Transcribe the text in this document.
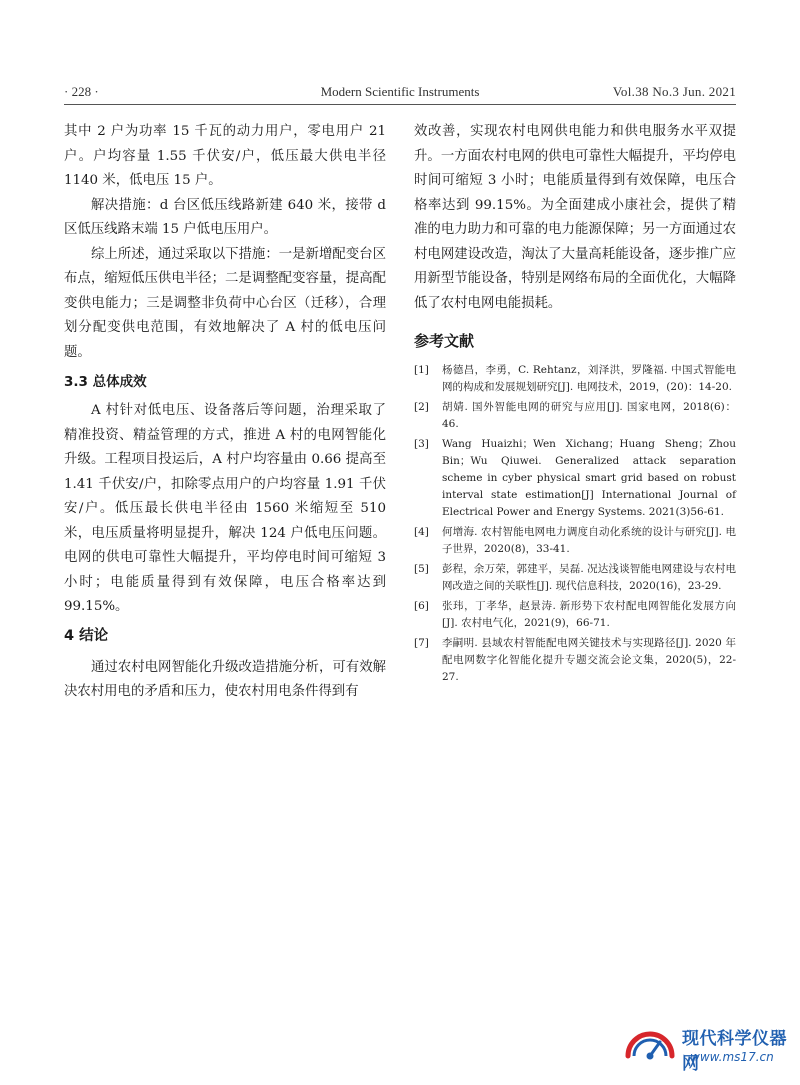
· 228 ·	Modern Scientific Instruments	Vol.38 No.3 Jun. 2021

其中 2 户为功率 15 千瓦的动力用户，零电用户 21 户。户均容量 1.55 千伏安/户，低压最大供电半径 1140 米，低电压 15 户。

解决措施：d 台区低压线路新建 640 米，接带 d 区低压线路末端 15 户低电压用户。

综上所述，通过采取以下措施：一是新增配变台区布点，缩短低压供电半径；二是调整配变容量，提高配变供电能力；三是调整非负荷中心台区（迁移），合理划分配变供电范围，有效地解决了 A 村的低电压问题。

3.3 总体成效

A 村针对低电压、设备落后等问题，治理采取了精准投资、精益管理的方式，推进 A 村的电网智能化升级。工程项目投运后，A 村户均容量由 0.66 提高至 1.41 千伏安/户，扣除零点用户的户均容量 1.91 千伏安/户。低压最长供电半径由 1560 米缩短至 510 米，电压质量将明显提升，解决 124 户低电压问题。电网的供电可靠性大幅提升，平均停电时间可缩短 3 小时；电能质量得到有效保障，电压合格率达到 99.15%。

4 结论

通过农村电网智能化升级改造措施分析，可有效解决农村用电的矛盾和压力，使农村用电条件得到有

效改善，实现农村电网供电能力和供电服务水平双提升。一方面农村电网的供电可靠性大幅提升，平均停电时间可缩短 3 小时；电能质量得到有效保障，电压合格率达到 99.15%。为全面建成小康社会，提供了精准的电力助力和可靠的电力能源保障；另一方面通过农村电网建设改造，淘汰了大量高耗能设备，逐步推广应用新型节能设备，特别是网络布局的全面优化，大幅降低了农村电网电能损耗。

参考文献
[1] 杨德昌，李勇，C. Rehtanz，刘泽洪，罗隆福. 中国式智能电网的构成和发展规划研究[J]. 电网技术，2019，(20)：14-20.
[2] 胡婧. 国外智能电网的研究与应用[J]. 国家电网，2018(6)：46.
[3] Wang Huaizhi；Wen Xichang；Huang Sheng；Zhou Bin；Wu Qiuwei. Generalized attack separation scheme in cyber physical smart grid based on robust interval state estimation[J] International Journal of Electrical Power and Energy Systems. 2021(3)56-61.
[4] 何增海. 农村智能电网电力调度自动化系统的设计与研究[J]. 电子世界，2020(8)，33-41.
[5] 彭程，余万荣，郭建平，吴磊. 况达浅谈智能电网建设与农村电网改造之间的关联性[J]. 现代信息科技，2020(16)，23-29.
[6] 张玮，丁孝华，赵景涛. 新形势下农村配电网智能化发展方向[J]. 农村电气化，2021(9)，66-71.
[7] 李嗣明. 县域农村智能配电网关键技术与实现路径[J]. 2020 年配电网数字化智能化提升专题交流会论文集，2020(5)，22-27.
现代科学仪器网
www.ms17.cn
